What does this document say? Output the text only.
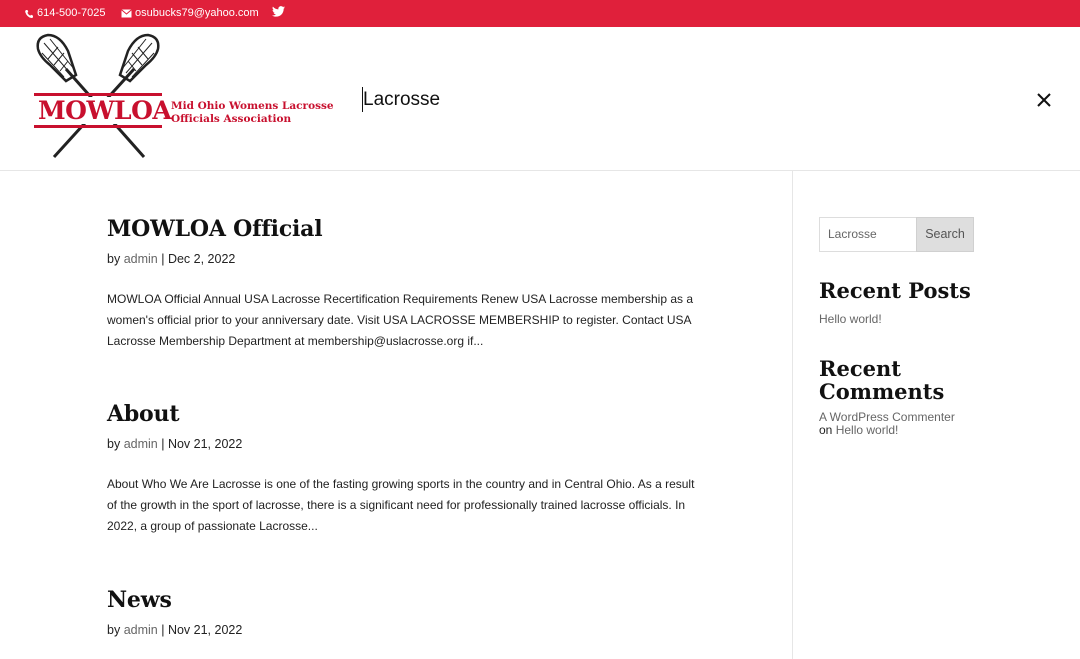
614-500-7025	osubucks79@yahoo.com
MOWLOA Mid Ohio Womens Lacrosse
Officials Association
Lacrosse
MOWLOA Official
by admin | Dec 2, 2022
MOWLOA Official Annual USA Lacrosse Recertification Requirements Renew USA Lacrosse membership as a
women's official prior to your anniversary date. Visit USA LACROSSE MEMBERSHIP to register. Contact USA
Lacrosse Membership Department at membership@uslacrosse.org if...
About
by admin | Nov 21, 2022
About Who We Are Lacrosse is one of the fasting growing sports in the country and in Central Ohio. As a result
of the growth in the sport of lacrosse, there is a significant need for professionally trained lacrosse officials. In
2022, a group of passionate Lacrosse...
News
by admin | Nov 21, 2022
Lacrosse	Search
Recent Posts
Hello world!
Recent
Comments
A WordPress Commenter
on Hello world!
